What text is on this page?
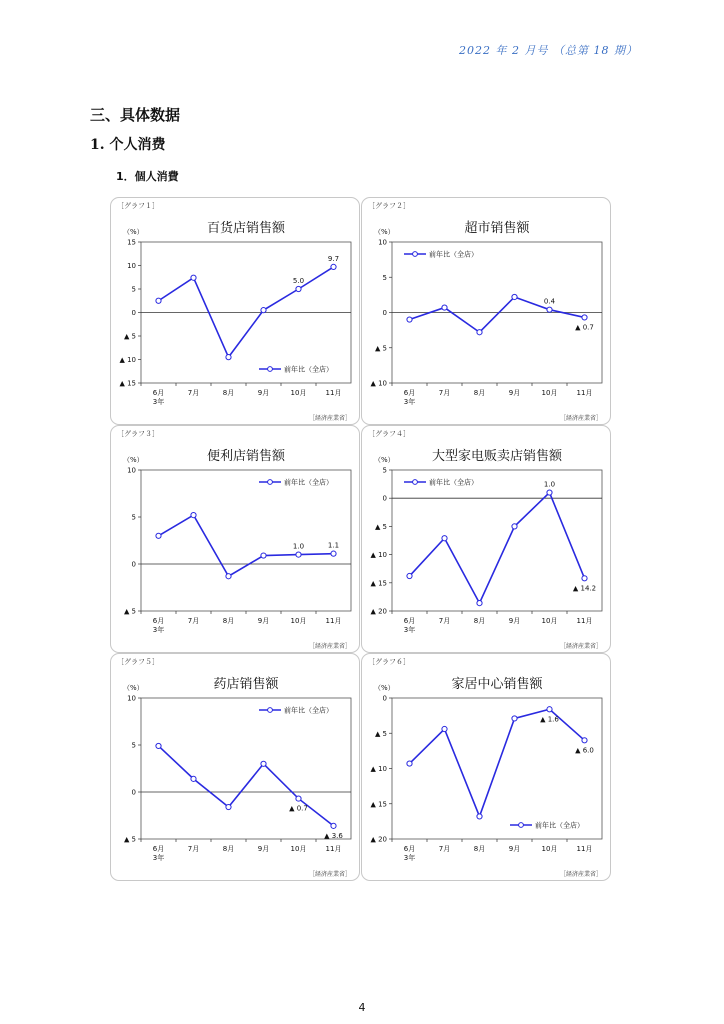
2022 年 2 月号 （总第 18 期）
三、具体数据
1. 个人消费
1．個人消費
［グラフ１］
百货店销售额
（%）
15
10
5
0
▲ 5
▲ 10
▲ 15
6月 3年
7月	8月	9月	10月	11月
5.0
9.7
前年比（全店）
［経済産業省］
［グラフ２］
超市销售额
（%）
10
5
0
▲ 5
▲ 10
6月 3年
7月	8月	9月	10月	11月
0.4
▲ 0.7
前年比（全店）
［経済産業省］
［グラフ３］
便利店销售额
（%）
10
5
0
▲ 5
6月 3年
7月	8月	9月	10月	11月
1.0	1.1
前年比（全店）
［経済産業省］
［グラフ４］
大型家电贩卖店销售额
（%）
5
0
▲ 5
▲ 10
▲ 15
▲ 20
6月 3年
7月	8月	9月	10月	11月
1.0
▲ 14.2
前年比（全店）
［経済産業省］
［グラフ５］
药店销售额
（%）
10
5
0
▲ 5
6月 3年
7月	8月	9月	10月	11月
▲ 0.7
▲ 3.6
前年比（全店）
［経済産業省］
［グラフ６］
家居中心销售额
（%）
0
▲ 5
▲ 10
▲ 15
▲ 20
6月 3年
7月	8月	9月	10月	11月
▲ 1.6
▲ 6.0
前年比（全店）
［経済産業省］
4
